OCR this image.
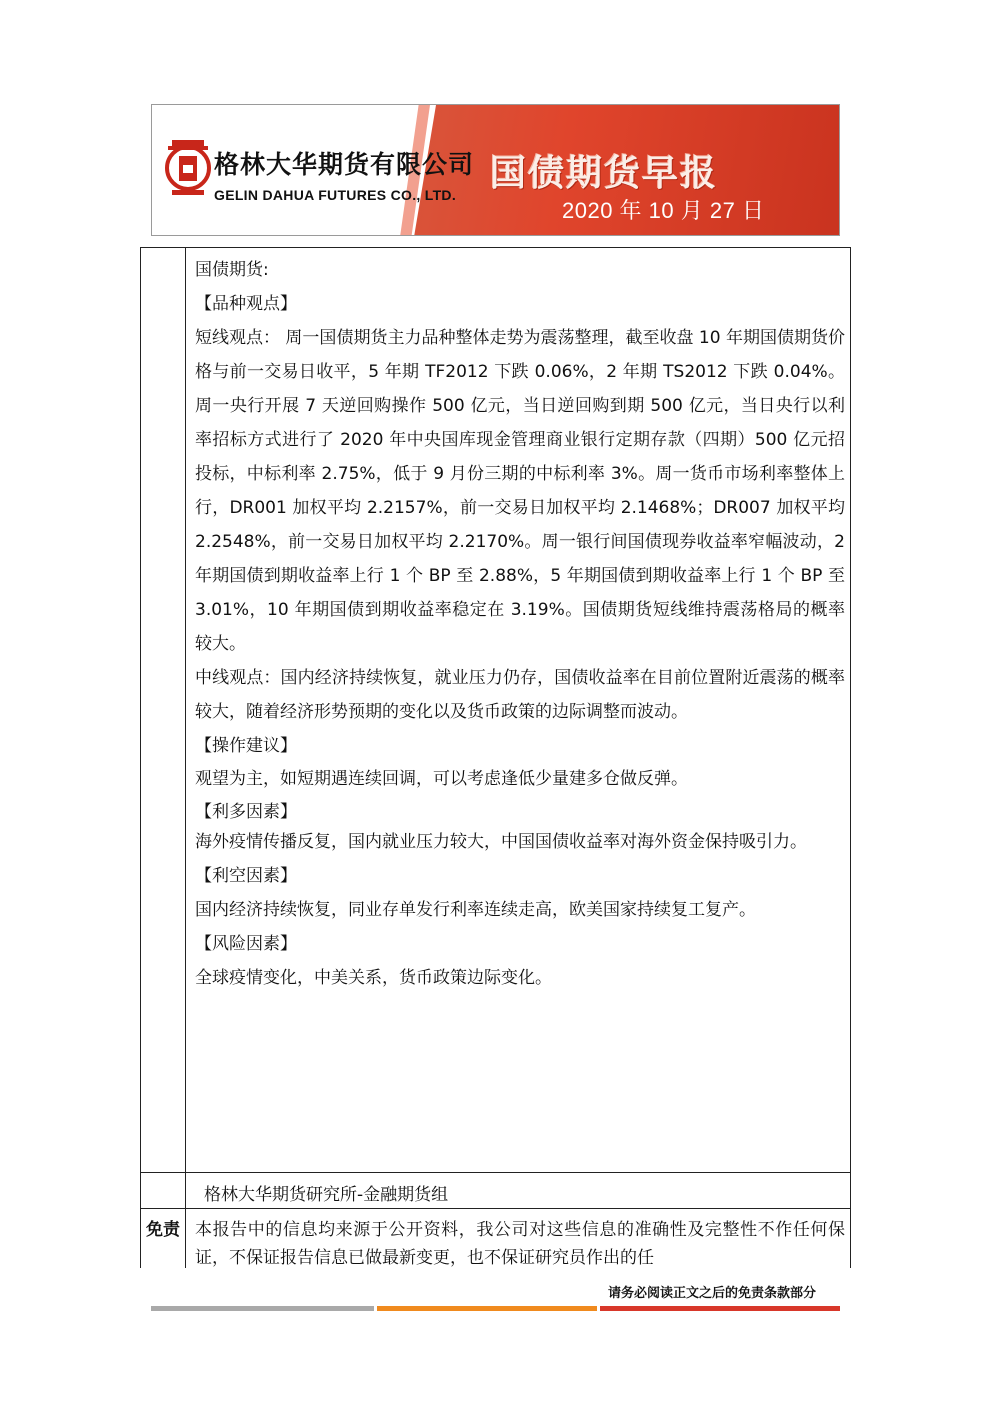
格林大华期货有限公司
GELIN DAHUA FUTURES CO., LTD.
国债期货早报
2020 年 10 月 27 日

国债期货:

【品种观点】

短线观点： 周一国债期货主力品种整体走势为震荡整理，截至收盘 10 年期国债期货价格与前一交易日收平，5 年期 TF2012 下跌 0.06%，2 年期 TS2012 下跌 0.04%。周一央行开展 7 天逆回购操作 500 亿元，当日逆回购到期 500 亿元，当日央行以利率招标方式进行了 2020 年中央国库现金管理商业银行定期存款（四期）500 亿元招投标，中标利率 2.75%，低于 9 月份三期的中标利率 3%。周一货币市场利率整体上行，DR001 加权平均 2.2157%，前一交易日加权平均 2.1468%；DR007 加权平均 2.2548%，前一交易日加权平均 2.2170%。周一银行间国债现券收益率窄幅波动，2 年期国债到期收益率上行 1 个 BP 至 2.88%，5 年期国债到期收益率上行 1 个 BP 至 3.01%，10 年期国债到期收益率稳定在 3.19%。国债期货短线维持震荡格局的概率较大。

中线观点：国内经济持续恢复，就业压力仍存，国债收益率在目前位置附近震荡的概率较大，随着经济形势预期的变化以及货币政策的边际调整而波动。

【操作建议】

观望为主，如短期遇连续回调，可以考虑逢低少量建多仓做反弹。

【利多因素】

海外疫情传播反复，国内就业压力较大，中国国债收益率对海外资金保持吸引力。

【利空因素】

国内经济持续恢复，同业存单发行利率连续走高，欧美国家持续复工复产。

【风险因素】

全球疫情变化，中美关系，货币政策边际变化。

格林大华期货研究所-金融期货组
免责 本报告中的信息均来源于公开资料，我公司对这些信息的准确性及完整性不作任何保证，不保证报告信息已做最新变更，也不保证研究员作出的任
请务必阅读正文之后的免责条款部分
